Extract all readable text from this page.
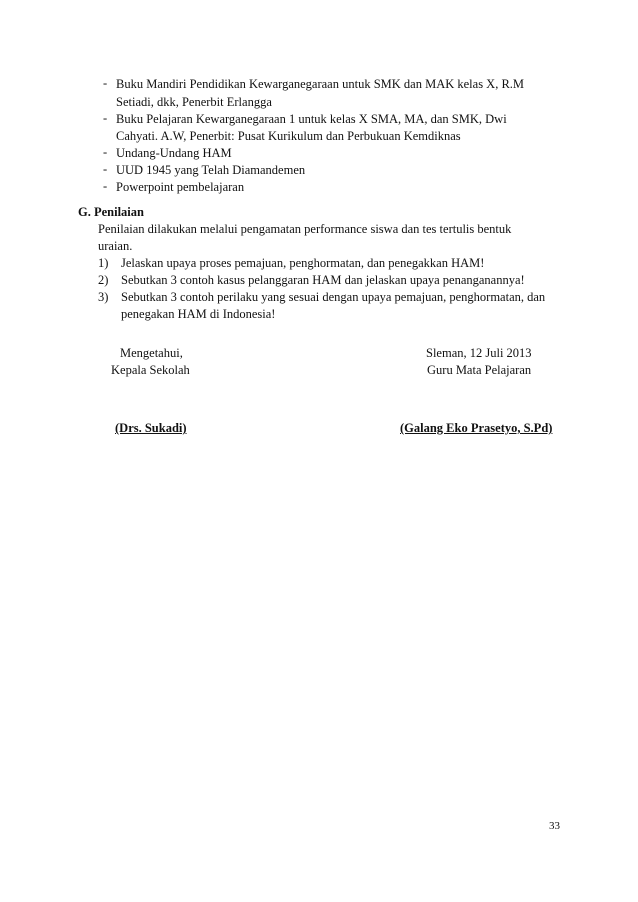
- Buku Mandiri Pendidikan Kewarganegaraan untuk SMK dan MAK kelas X, R.M
Setiadi, dkk, Penerbit Erlangga
- Buku Pelajaran Kewarganegaraan 1 untuk kelas X SMA, MA, dan SMK, Dwi
Cahyati. A.W, Penerbit: Pusat Kurikulum dan Perbukuan Kemdiknas
- Undang-Undang HAM
- UUD 1945 yang Telah Diamandemen
- Powerpoint pembelajaran
G. Penilaian
Penilaian dilakukan melalui pengamatan performance siswa dan tes tertulis bentuk
uraian.
1) Jelaskan upaya proses pemajuan, penghormatan, dan penegakkan HAM!
2) Sebutkan 3 contoh kasus pelanggaran HAM dan jelaskan upaya penanganannya!
3) Sebutkan 3 contoh perilaku yang sesuai dengan upaya pemajuan, penghormatan, dan
penegakan HAM di Indonesia!
Mengetahui,
Kepala Sekolah
(Drs. Sukadi)
Sleman, 12 Juli 2013
Guru Mata Pelajaran
(Galang Eko Prasetyo, S.Pd)
33
